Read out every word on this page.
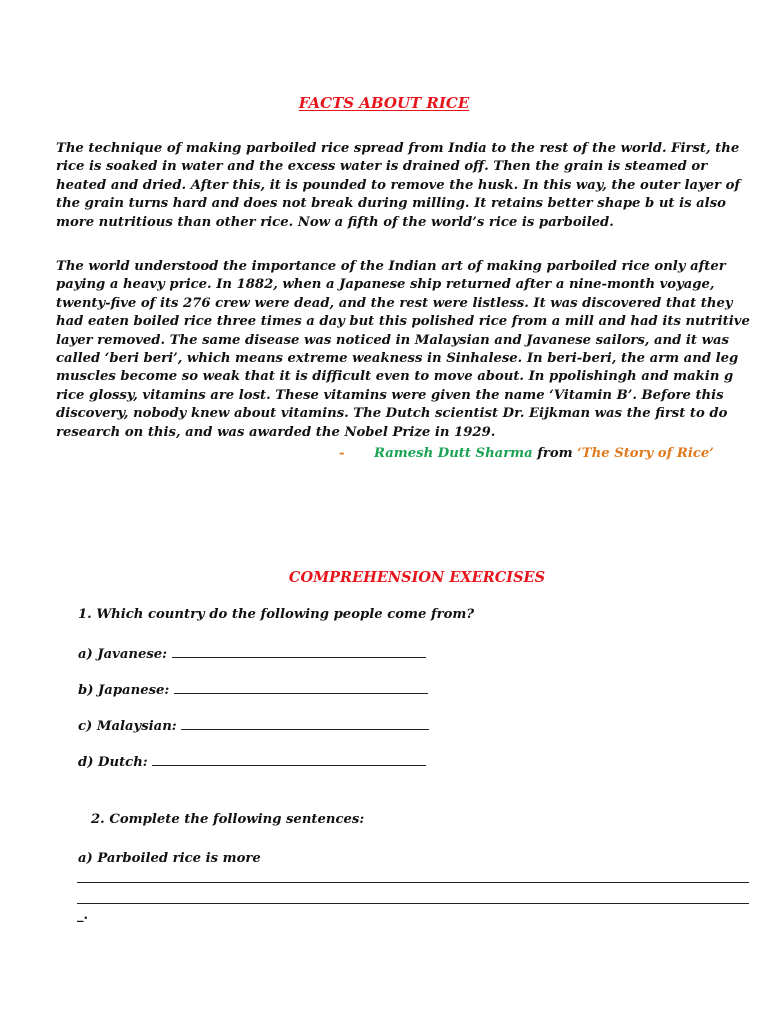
FACTS ABOUT RICE

The technique of making parboiled rice spread from India to the rest of the world. First, the rice is soaked in water and the excess water is drained off. Then the grain is steamed or heated and dried. After this, it is pounded to remove the husk. In this way, the outer layer of the grain turns hard and does not break during milling. It retains better shape b ut is also more nutritious than other rice. Now a fifth of the world’s rice is parboiled.

The world understood the importance of the Indian art of making parboiled rice only after paying a heavy price. In 1882, when a Japanese ship returned after a nine-month voyage, twenty-five of its 276 crew were dead, and the rest were listless. It was discovered that they had eaten boiled rice three times a day but this polished rice from a mill and had its nutritive layer removed. The same disease was noticed in Malaysian and Javanese sailors, and it was called ‘beri beri’, which means extreme weakness in Sinhalese. In beri-beri, the arm and leg muscles become so weak that it is difficult even to move about. In ppolishingh and makin g rice glossy, vitamins are lost. These vitamins were given the name ‘Vitamin B’. Before this discovery, nobody knew about vitamins. The Dutch scientist Dr. Eijkman was the first to do research on this, and was awarded the Nobel Prize in 1929.

- Ramesh Dutt Sharma from ‘The Story of Rice’
COMPREHENSION EXERCISES
1. Which country do the following people come from?
a) Javanese:
b) Japanese:
c) Malaysian:
d) Dutch:
2. Complete the following sentences:
a) Parboiled rice is more
_.
